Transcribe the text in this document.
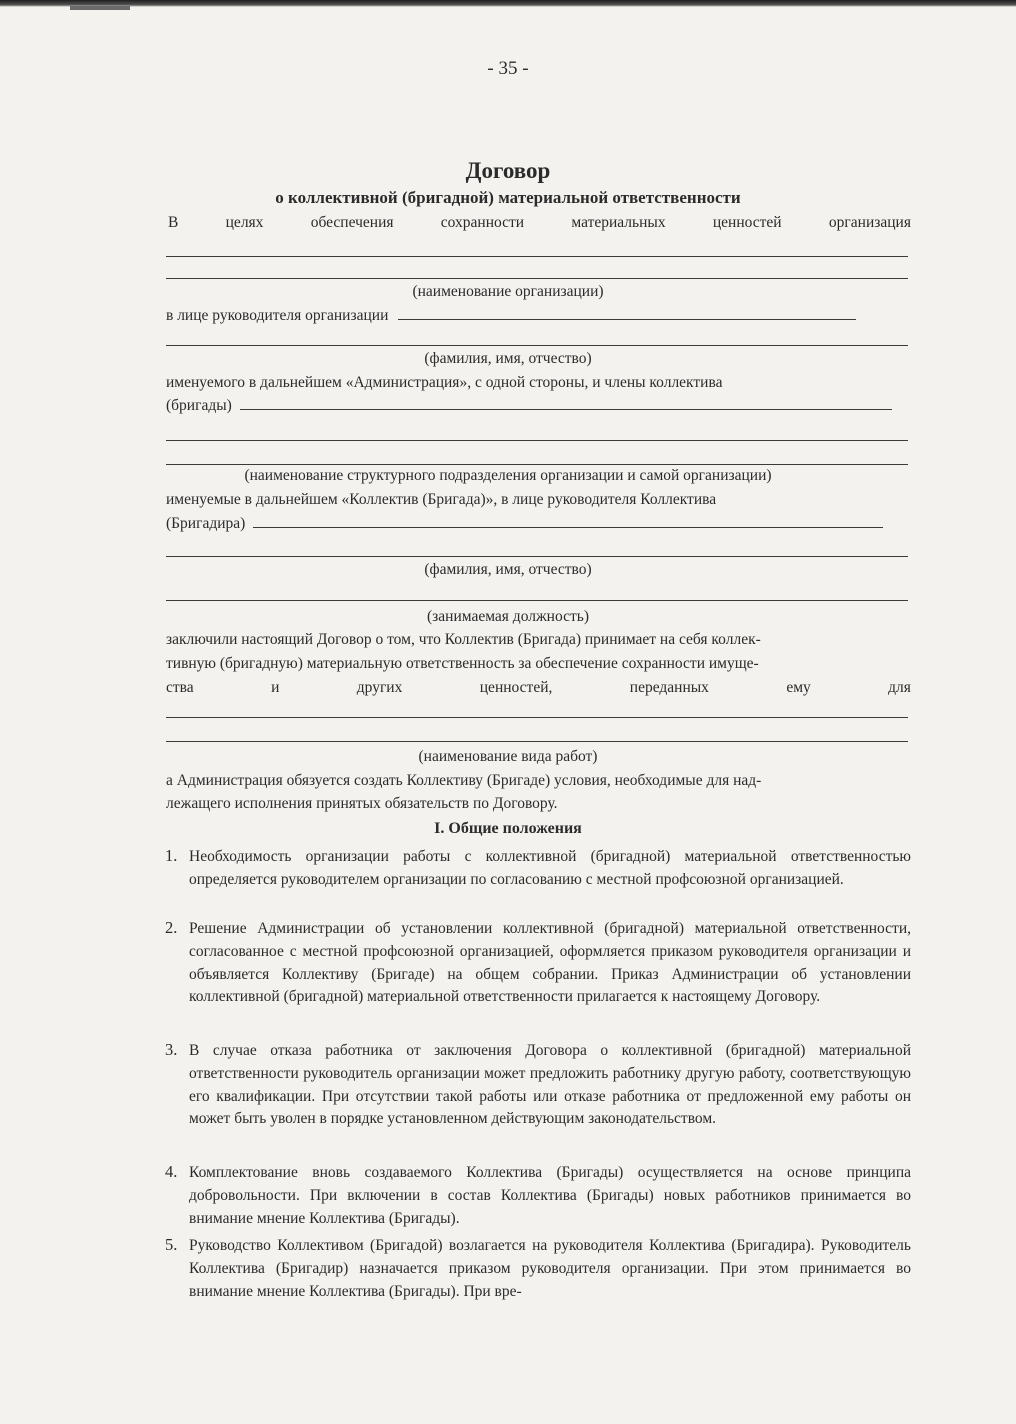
- 35 -
Договор
о коллективной (бригадной) материальной ответственности
В	целях	обеспечения	сохранности	материальных	ценностей	организация
(наименование организации)
в лице руководителя организации
(фамилия, имя, отчество)
именуемого в дальнейшем «Администрация», с одной стороны, и члены коллектива
(бригады)
(наименование структурного подразделения организации и самой организации)
именуемые в дальнейшем «Коллектив (Бригада)», в лице руководителя Коллектива
(Бригадира)
(фамилия, имя, отчество)
(занимаемая должность)
заключили настоящий Договор о том, что Коллектив (Бригада) принимает на себя коллек-
тивную (бригадную) материальную ответственность за обеспечение сохранности имуще-
ства	и	других	ценностей,	переданных	ему	для
(наименование вида работ)
а Администрация обязуется создать Коллективу (Бригаде) условия, необходимые для над-
лежащего исполнения принятых обязательств по Договору.
I. Общие положения
1. Необходимость организации работы с коллективной (бригадной) материальной ответственностью определяется руководителем организации по согласованию с местной профсоюзной организацией.
2. Решение Администрации об установлении коллективной (бригадной) материальной ответственности, согласованное с местной профсоюзной организацией, оформляется приказом руководителя организации и объявляется Коллективу (Бригаде) на общем собрании. Приказ Администрации об установлении коллективной (бригадной) материальной ответственности прилагается к настоящему Договору.
3. В случае отказа работника от заключения Договора о коллективной (бригадной) материальной ответственности руководитель организации может предложить работнику другую работу, соответствующую его квалификации. При отсутствии такой работы или отказе работника от предложенной ему работы он может быть уволен в порядке установленном действующим законодательством.
4. Комплектование вновь создаваемого Коллектива (Бригады) осуществляется на основе принципа добровольности. При включении в состав Коллектива (Бригады) новых работников принимается во внимание мнение Коллектива (Бригады).
5. Руководство Коллективом (Бригадой) возлагается на руководителя Коллектива (Бригадира). Руководитель Коллектива (Бригадир) назначается приказом руководителя организации. При этом принимается во внимание мнение Коллектива (Бригады). При вре-
